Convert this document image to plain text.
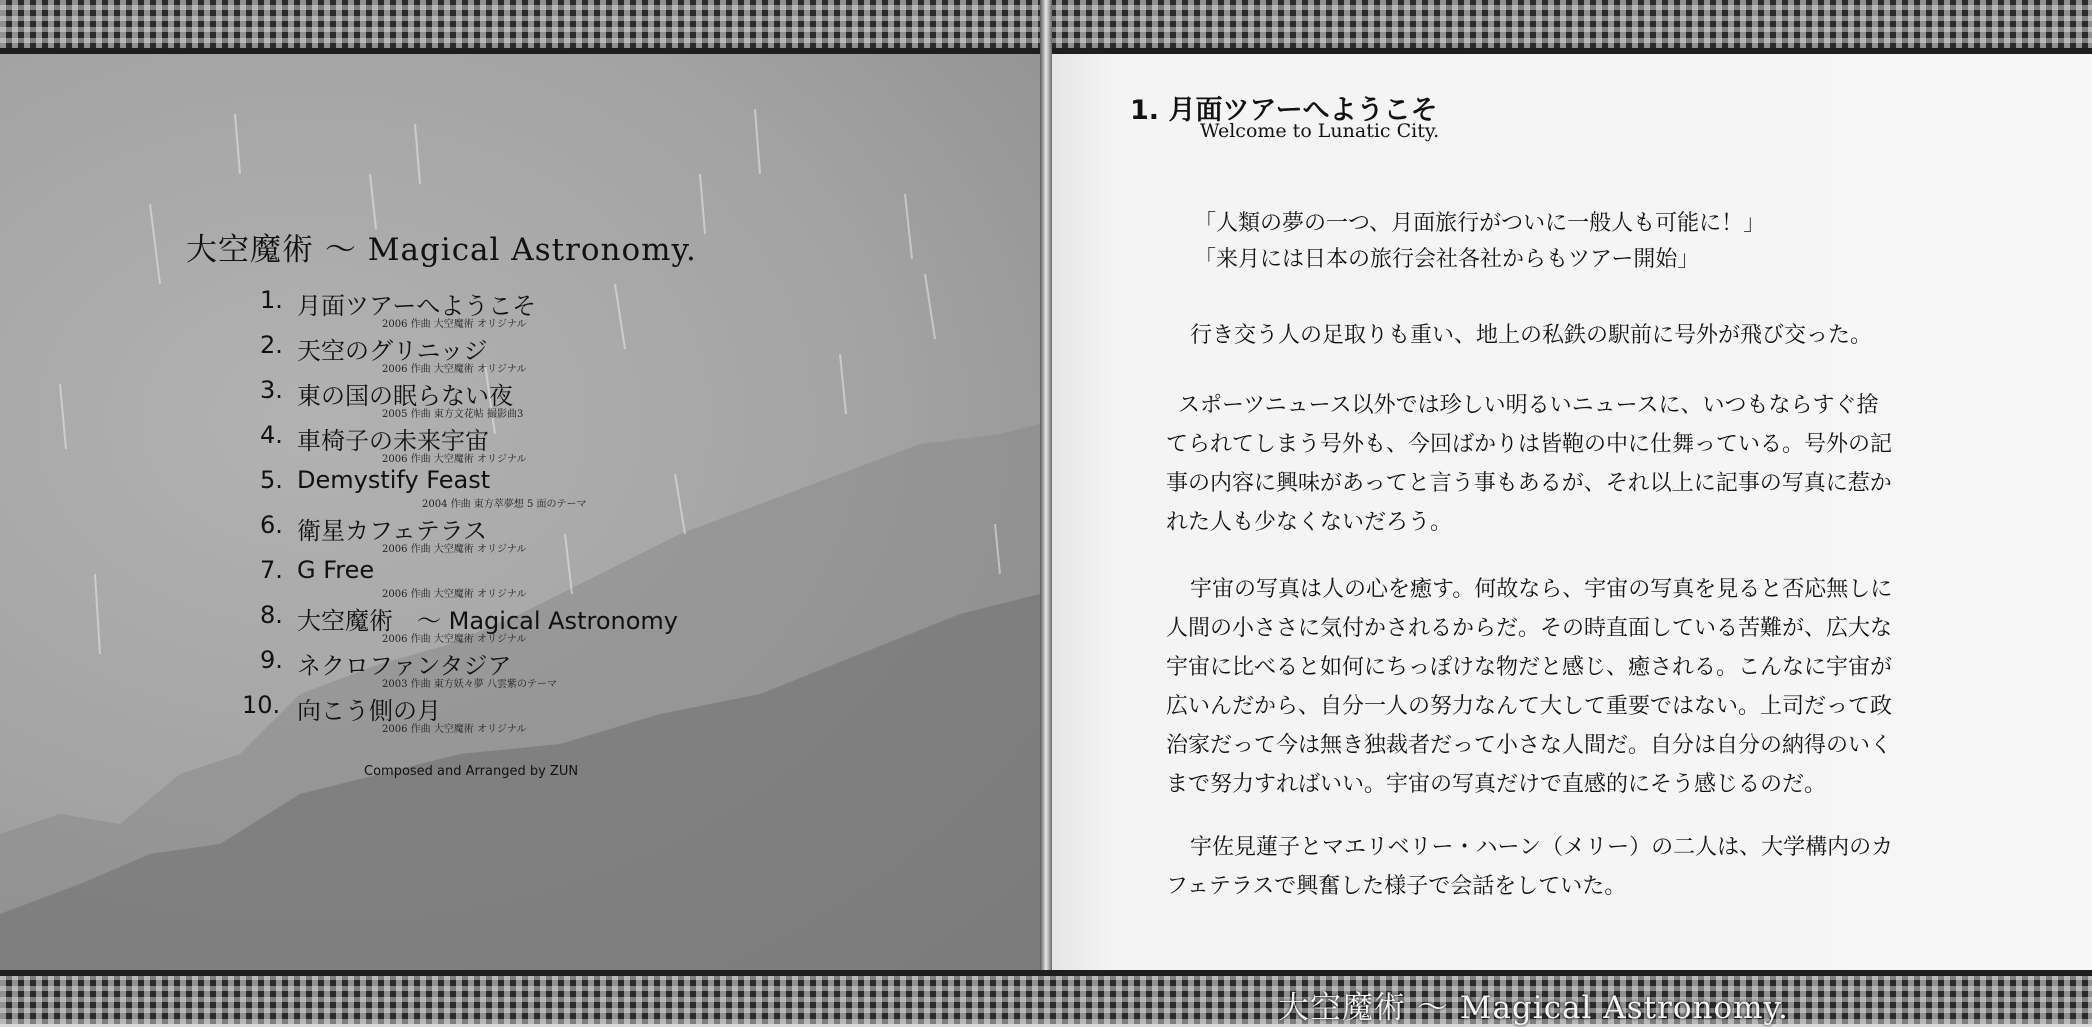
大空魔術 ～ Magical Astronomy.
1. 月面ツアーへようこそ
2006 作曲 大空魔術 オリジナル
2. 天空のグリニッジ
2006 作曲 大空魔術 オリジナル
3. 東の国の眠らない夜
2005 作曲 東方文花帖 撮影曲3
4. 車椅子の未来宇宙
2006 作曲 大空魔術 オリジナル
5. Demystify Feast
2004 作曲 東方萃夢想 5 面のテーマ
6. 衛星カフェテラス
2006 作曲 大空魔術 オリジナル
7. G Free
2006 作曲 大空魔術 オリジナル
8. 大空魔術　～ Magical Astronomy
2006 作曲 大空魔術 オリジナル
9. ネクロファンタジア
2003 作曲 東方妖々夢 八雲紫のテーマ
10. 向こう側の月
2006 作曲 大空魔術 オリジナル
Composed and Arranged by ZUN
1. 月面ツアーへようこそ
Welcome to Lunatic City.
「人類の夢の一つ、月面旅行がついに一般人も可能に！」
「来月には日本の旅行会社各社からもツアー開始」
行き交う人の足取りも重い、地上の私鉄の駅前に号外が飛び交った。
スポーツニュース以外では珍しい明るいニュースに、いつもならすぐ捨
てられてしまう号外も、今回ばかりは皆鞄の中に仕舞っている。号外の記
事の内容に興味があってと言う事もあるが、それ以上に記事の写真に惹か
れた人も少なくないだろう。
宇宙の写真は人の心を癒す。何故なら、宇宙の写真を見ると否応無しに
人間の小ささに気付かされるからだ。その時直面している苦難が、広大な
宇宙に比べると如何にちっぽけな物だと感じ、癒される。こんなに宇宙が
広いんだから、自分一人の努力なんて大して重要ではない。上司だって政
治家だって今は無き独裁者だって小さな人間だ。自分は自分の納得のいく
まで努力すればいい。宇宙の写真だけで直感的にそう感じるのだ。
宇佐見蓮子とマエリベリー・ハーン（メリー）の二人は、大学構内のカ
フェテラスで興奮した様子で会話をしていた。
大空魔術 ～ Magical Astronomy.
